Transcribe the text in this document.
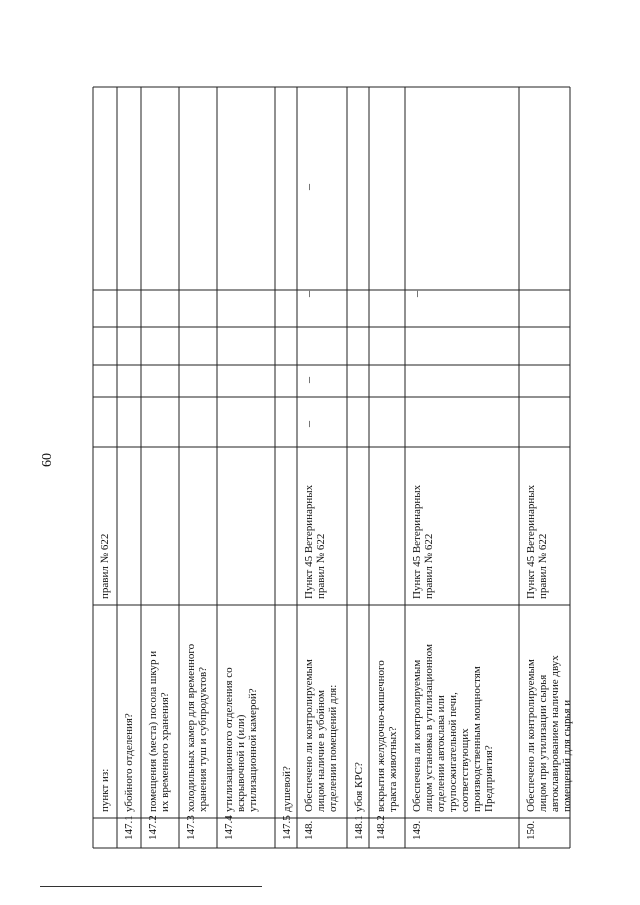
60
пункт из:
правил № 622
147.1
убойного отделения?
147.2
помещения (места) посола шкур и их временного хранения?
147.3
холодильных камер для временного хранения туш и субпродуктов?
147.4
утилизационного отделения со вскрывочной и (или) утилизационной камерой?
147.5
душевой?
148.
Обеспечено ли контролируемым лицом наличие в убойном отделении помещений для:
Пункт 45 Ветеринарных правил № 622
148.1
убоя КРС?
148.2
вскрытия желудочно-кишечного тракта животных?
149.
Обеспечена ли контролируемым лицом установка в утилизационном отделении автоклава или трупосжигательной печи, соответствующих производственным мощностям Предприятия?
Пункт 45 Ветеринарных правил № 622
150.
Обеспечено ли контролируемым лицом при утилизации сырья автоклавированием наличие двух помещений для сырья и
Пункт 45 Ветеринарных правил № 622
–
–
–
–
–
